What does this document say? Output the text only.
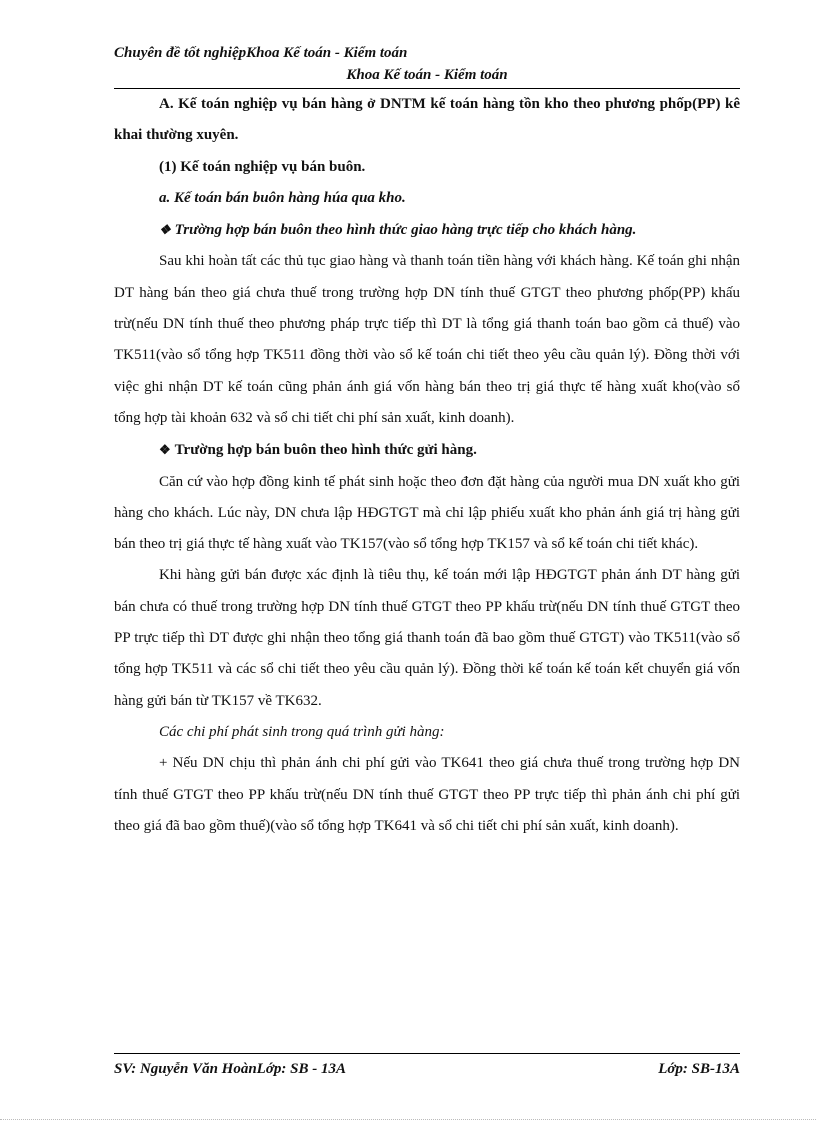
Chuyên đề tốt nghiệpKhoa Kế toán - Kiểm toán
Khoa Kế toán - Kiểm toán

A. Kế toán nghiệp vụ bán hàng ở DNTM kế toán hàng tồn kho theo phương phốp(PP) kê khai thường xuyên.

(1) Kế toán nghiệp vụ bán buôn.

a. Kế toán bán buôn hàng húa qua kho.

❖ Trường hợp bán buôn theo hình thức giao hàng trực tiếp cho khách hàng.

Sau khi hoàn tất các thủ tục giao hàng và thanh toán tiền hàng với khách hàng. Kế toán ghi nhận DT hàng bán theo giá chưa thuế trong trường hợp DN tính thuế GTGT theo phương phốp(PP) khấu trừ(nếu DN tính thuế theo phương pháp trực tiếp thì DT là tổng giá thanh toán bao gồm cả thuế) vào TK511(vào sổ tổng hợp TK511 đồng thời vào sổ kế toán chi tiết theo yêu cầu quản lý). Đồng thời với việc ghi nhận DT kế toán cũng phản ánh giá vốn hàng bán theo trị giá thực tế hàng xuất kho(vào sổ tổng hợp tài khoản 632 và sổ chi tiết chi phí sản xuất, kinh doanh).

❖ Trường hợp bán buôn theo hình thức gửi hàng.

Căn cứ vào hợp đồng kinh tế phát sinh hoặc theo đơn đặt hàng của người mua DN xuất kho gửi hàng cho khách. Lúc này, DN chưa lập HĐGTGT mà chỉ lập phiếu xuất kho phản ánh giá trị hàng gửi bán theo trị giá thực tế hàng xuất vào TK157(vào sổ tổng hợp TK157 và sổ kế toán chi tiết khác).

Khi hàng gửi bán được xác định là tiêu thụ, kế toán mới lập HĐGTGT phản ánh DT hàng gửi bán chưa có thuế trong trường hợp DN tính thuế GTGT theo PP khấu trừ(nếu DN tính thuế GTGT theo PP trực tiếp thì DT được ghi nhận theo tổng giá thanh toán đã bao gồm thuế GTGT) vào TK511(vào sổ tổng hợp TK511 và các sổ chi tiết theo yêu cầu quản lý). Đồng thời kế toán kế toán kết chuyển giá vốn hàng gửi bán từ TK157 về TK632.

Các chi phí phát sinh trong quá trình gửi hàng:

+ Nếu DN chịu thì phản ánh chi phí gửi vào TK641 theo giá chưa thuế trong trường hợp DN tính thuế GTGT theo PP khấu trừ(nếu DN tính thuế GTGT theo PP trực tiếp thì phản ánh chi phí gửi theo giá đã bao gồm thuế)(vào sổ tổng hợp TK641 và sổ chi tiết chi phí sản xuất, kinh doanh).

SV: Nguyễn Văn HoànLớp: SB - 13A	Lớp: SB-13A
